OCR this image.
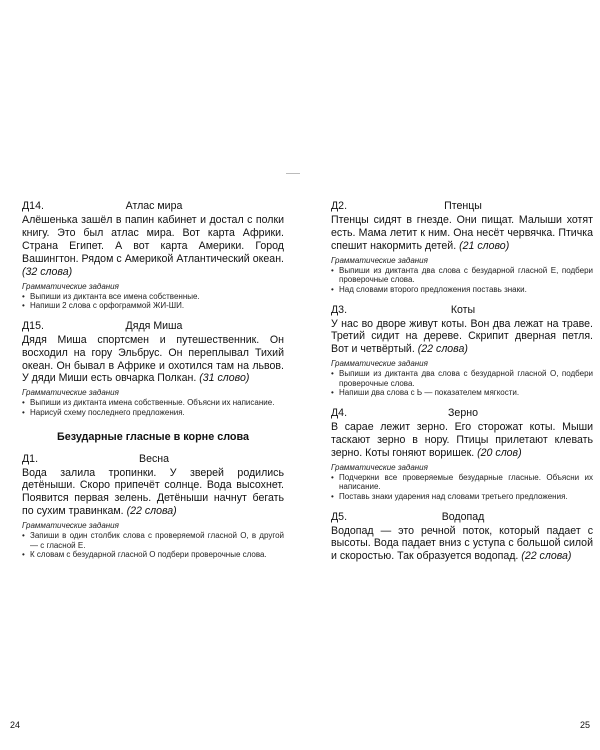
Д14.	Атлас мира

Алёшенька зашёл в папин кабинет и достал с полки книгу. Это был атлас мира. Вот карта Африки. Страна Египет. А вот карта Америки. Город Вашингтон. Рядом с Америкой Атлантический океан. (32 слова)

Грамматические задания
• Выпиши из диктанта все имена собственные.
• Напиши 2 слова с орфограммой ЖИ-ШИ.
Д15.	Дядя Миша

Дядя Миша спортсмен и путешественник. Он восходил на гору Эльбрус. Он переплывал Тихий океан. Он бывал в Африке и охотился там на львов. У дяди Миши есть овчарка Полкан. (31 слово)

Грамматические задания
• Выпиши из диктанта имена собственные. Объясни их написание.
• Нарисуй схему последнего предложения.
Безударные гласные в корне слова
Д1.	Весна

Вода залила тропинки. У зверей родились детёныши. Скоро припечёт солнце. Вода высохнет. Появится первая зелень. Детёныши начнут бегать по сухим травинкам. (22 слова)

Грамматические задания
• Запиши в один столбик слова с проверяемой гласной О, в другой — с гласной Е.
• К словам с безударной гласной О подбери проверочные слова.
24
Д2.	Птенцы

Птенцы сидят в гнезде. Они пищат. Малыши хотят есть. Мама летит к ним. Она несёт червячка. Птичка спешит накормить детей. (21 слово)

Грамматические задания
• Выпиши из диктанта два слова с безударной гласной Е, подбери проверочные слова.
• Над словами второго предложения поставь знаки.
Д3.	Коты

У нас во дворе живут коты. Вон два лежат на траве. Третий сидит на дереве. Скрипит дверная петля. Вот и четвёртый. (22 слова)

Грамматические задания
• Выпиши из диктанта два слова с безударной гласной О, подбери проверочные слова.
• Напиши два слова с Ь — показателем мягкости.
Д4.	Зерно

В сарае лежит зерно. Его сторожат коты. Мыши таскают зерно в нору. Птицы прилетают клевать зерно. Коты гоняют воришек. (20 слов)

Грамматические задания
• Подчеркни все проверяемые безударные гласные. Объясни их написание.
• Поставь знаки ударения над словами третьего предложения.
Д5.	Водопад

Водопад — это речной поток, который падает с высоты. Вода падает вниз с уступа с большой силой и скоростью. Так образуется водопад. (22 слова)

25
